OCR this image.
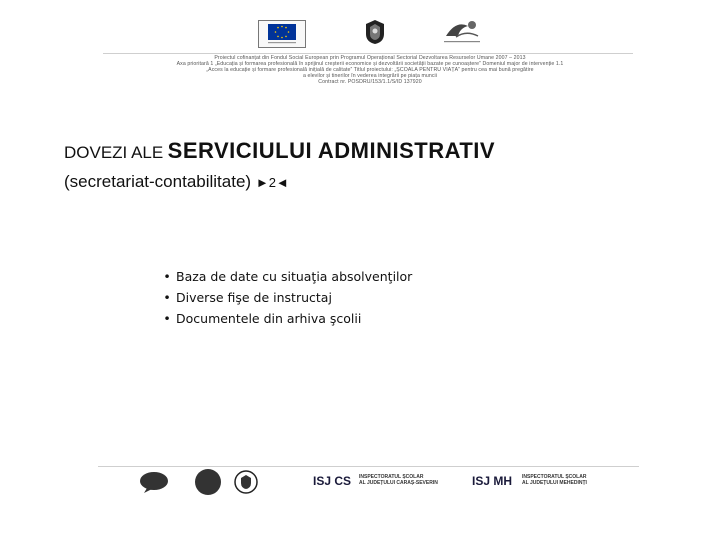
Proiectul cofinanțat din Fondul Social European prin Programul Operațional Sectorial Dezvoltarea Resurselor Umane 2007 – 2013
Axa prioritară 1 „Educația și formarea profesională în sprijinul creșterii economice și dezvoltării societății bazate pe cunoaștere” Domeniul major de intervenție 1.1
„Acces la educație și formare profesională inițială de calitate” Titlul proiectului: „ȘCOALA PENTRU VIAȚĂ” pentru cea mai bună pregătire
a elevilor și tinerilor în vederea integrării pe piața muncii
Contract nr. POSDRU/153/1.1/S/ID 137920
DOVEZI ALE SERVICIULUI ADMINISTRATIV
(secretariat-contabilitate) ►2◄
• Baza de date cu situaţia absolvenţilor
• Diverse fişe de instructaj
• Documentele din arhiva şcolii
ISJ CS INSPECTORATUL ȘCOLAR
AL JUDEȚULUI CARAȘ-SEVERIN	ISJ MH INSPECTORATUL ȘCOLAR
AL JUDEȚULUI MEHEDINȚI
